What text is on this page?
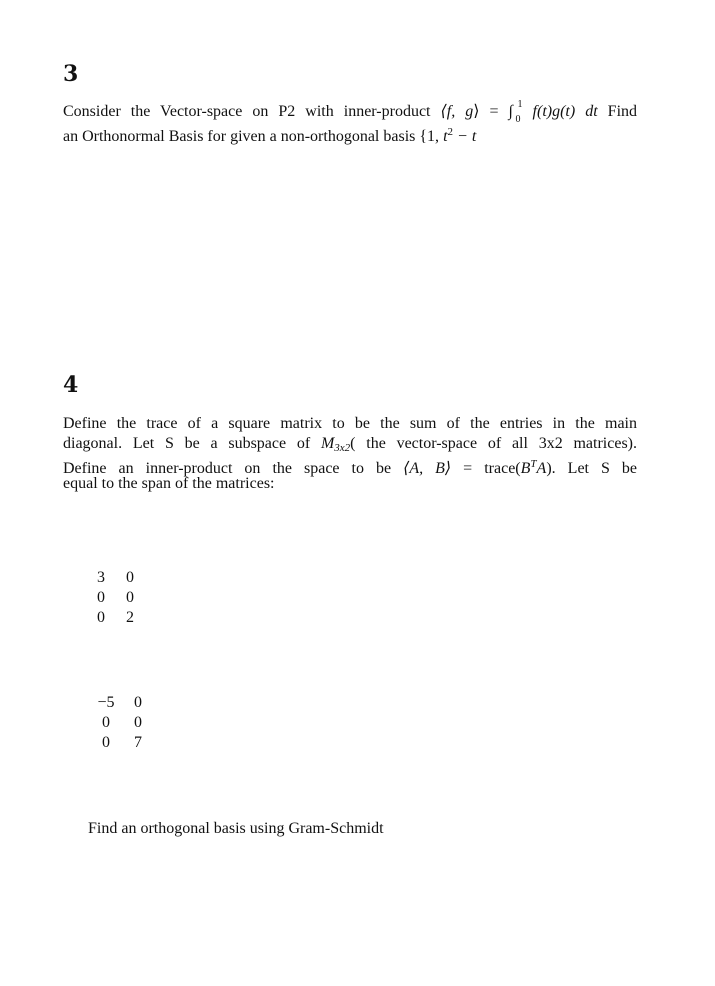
3
Consider the Vector-space on P2 with inner-product ⟨f, g⟩ = ∫ 1
0 f(t)g(t) dt Find
an Orthonormal Basis for given a non-orthogonal basis {1, $t^2 - t$
4
Define the trace of a square matrix to be the sum of the entries in the main
diagonal. Let S be a subspace of M3x2( the vector-space of all 3x2 matrices).
Define an inner-product on the space to be ⟨A, B⟩ = $trace(B^TA)$. Let S be
equal to the span of the matrices:
3	0
0	0
0	2
−5	0
0	0
0	7
Find an orthogonal basis using Gram-Schmidt
